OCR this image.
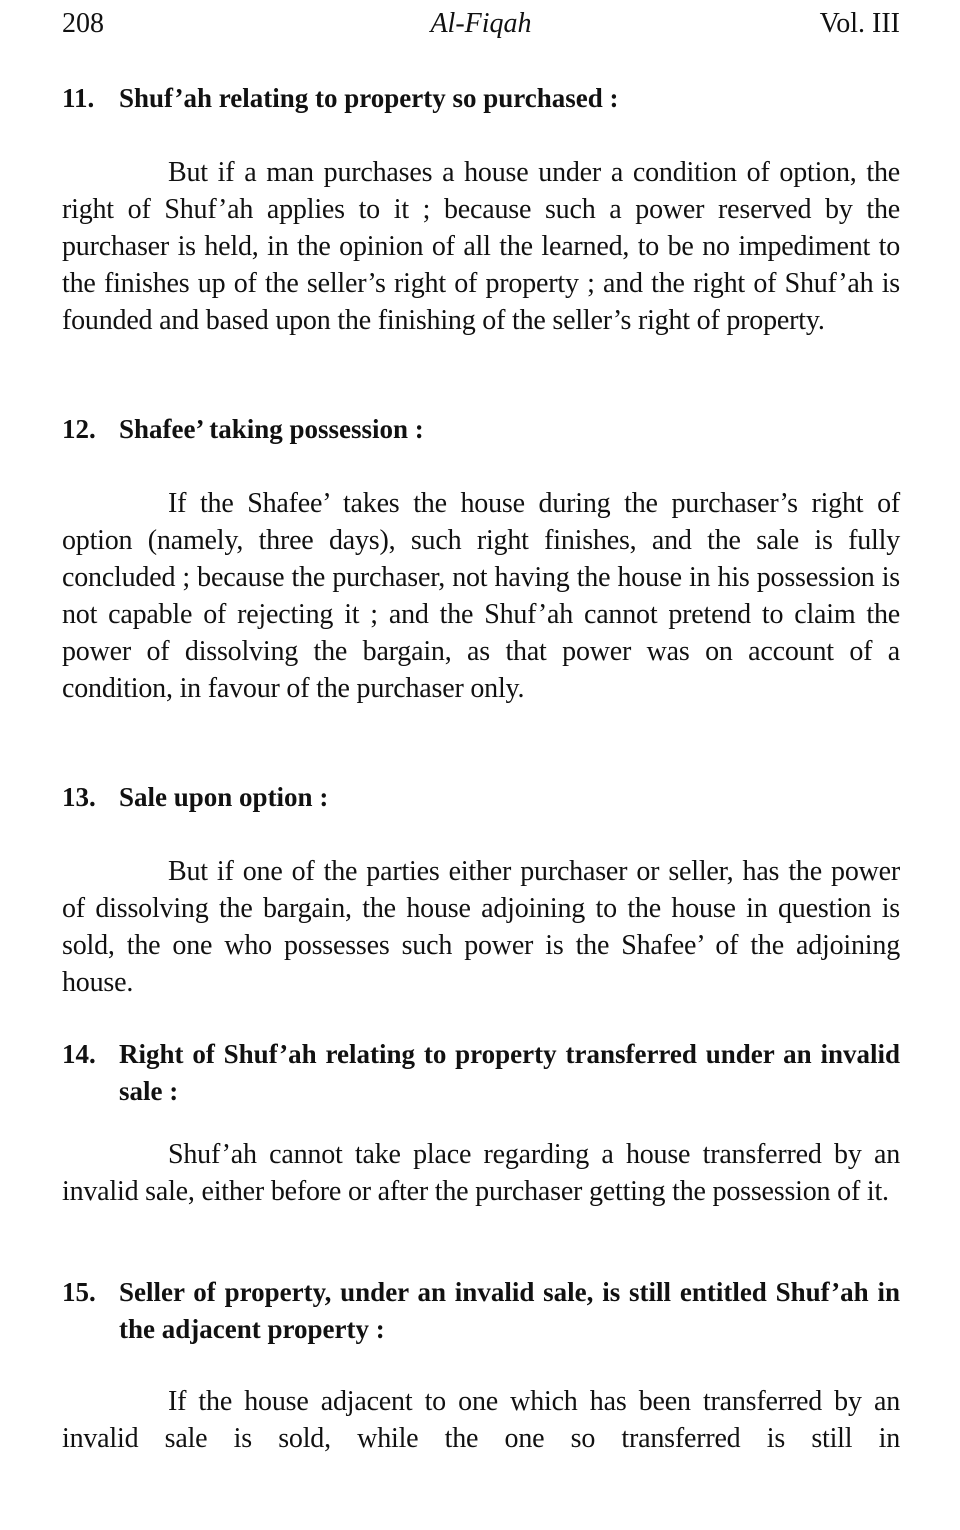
208	Al-Fiqah	Vol. III
11. Shuf’ah relating to property so purchased :

But if a man purchases a house under a condition of option, the right of Shuf’ah applies to it ; because such a power reserved by the purchaser is held, in the opinion of all the learned, to be no impediment to the finishes up of the seller’s right of property ; and the right of Shuf’ah is founded and based upon the finishing of the seller’s right of property.

12. Shafee’ taking possession :

If the Shafee’ takes the house during the purchaser’s right of option (namely, three days), such right finishes, and the sale is fully concluded ; because the purchaser, not having the house in his possession is not capable of rejecting it ; and the Shuf’ah cannot pretend to claim the power of dissolving the bargain, as that power was on account of a condition, in favour of the purchaser only.

13. Sale upon option :

But if one of the parties either purchaser or seller, has the power of dissolving the bargain, the house adjoining to the house in question is sold, the one who possesses such power is the Shafee’ of the adjoining house.

14. Right of Shuf’ah relating to property transferred under an invalid sale :

Shuf’ah cannot take place regarding a house transferred by an invalid sale, either before or after the purchaser getting the possession of it.

15. Seller of property, under an invalid sale, is still entitled Shuf’ah in the adjacent property :

If the house adjacent to one which has been transferred by an invalid sale is sold, while the one so transferred is still in
